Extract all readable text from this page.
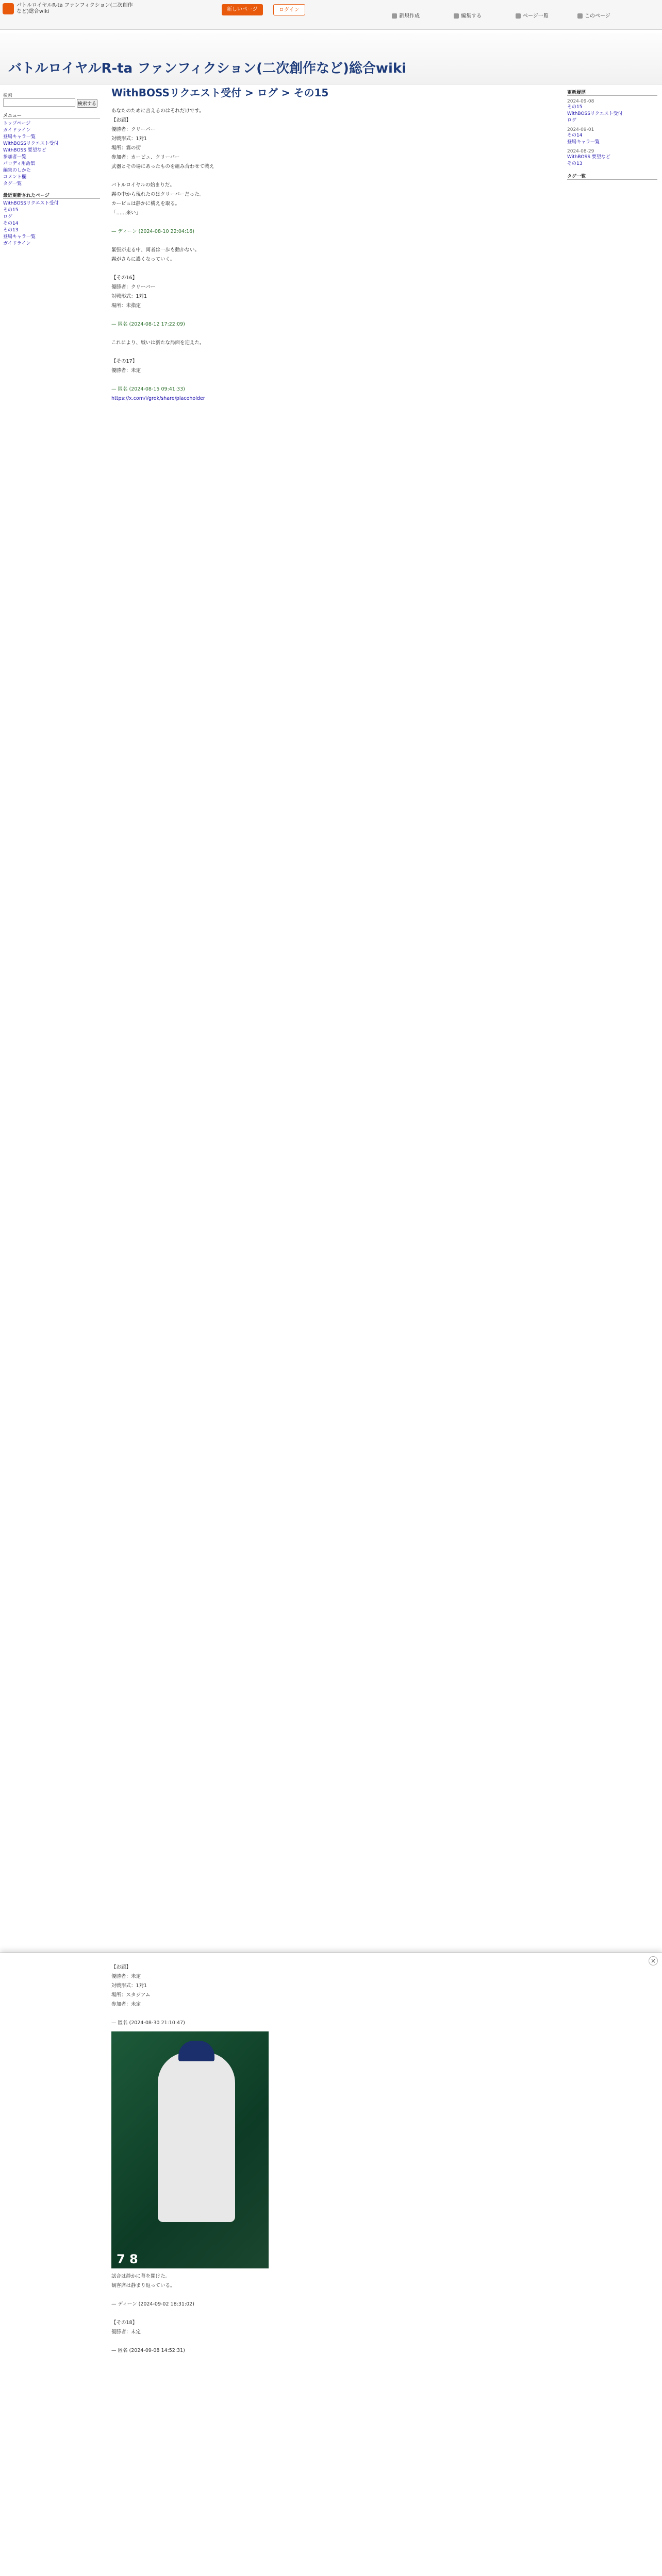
パトルロイヤルR-ta ファンフィクション(二次創作など)総合wiki	新しいページ	ログイン
新規作成	編集する	ページ一覧	このページ
バトルロイヤルR-ta ファンフィクション(二次創作など)総合wiki
検索
検索する
メニュー
トップページ
ガイドライン
登場キャラ一覧
WithBOSSリクエスト受付
WithBOSS 要望など
参加者一覧
パロディ用語集
編集のしかた
コメント欄
タグ一覧
最近更新されたページ
WithBOSSリクエスト受付
その15
ログ
その14
その13
登場キャラ一覧
ガイドライン
WithBOSSリクエスト受付 > ログ > その15

あなたのために言えるのはそれだけです。

【お題】

優勝者：クリーパー

対戦形式：1対1

場所：霧の街

参加者：カーピュ、クリーパー

武器とその場にあったものを組み合わせて戦え

バトルロイヤルの始まりだ。

霧の中から現れたのはクリーパーだった。

カーピュは静かに構えを取る。

「……来い」

— ディーン (2024-08-10 22:04:16)

緊張が走る中、両者は一歩も動かない。

霧がさらに濃くなっていく。

【その16】

優勝者：クリーパー

対戦形式：1対1

場所：未指定

— 匿名 (2024-08-12 17:22:09)

これにより、戦いは新たな局面を迎えた。

【その17】

優勝者：未定

— 匿名 (2024-08-15 09:41:33)

https://x.com/i/grok/share/placeholder

更新履歴
2024-09-08
その15
WithBOSSリクエスト受付
ログ
2024-09-01
その14
登場キャラ一覧
2024-08-29
WithBOSS 要望など
その13
タグ一覧
×

【お題】

優勝者：未定

対戦形式：1対1

場所：スタジアム

参加者：未定

— 匿名 (2024-08-30 21:10:47)

7 8

試合は静かに幕を開けた。

観客席は静まり返っている。

— ディーン (2024-09-02 18:31:02)

【その18】

優勝者：未定

— 匿名 (2024-09-08 14:52:31)
